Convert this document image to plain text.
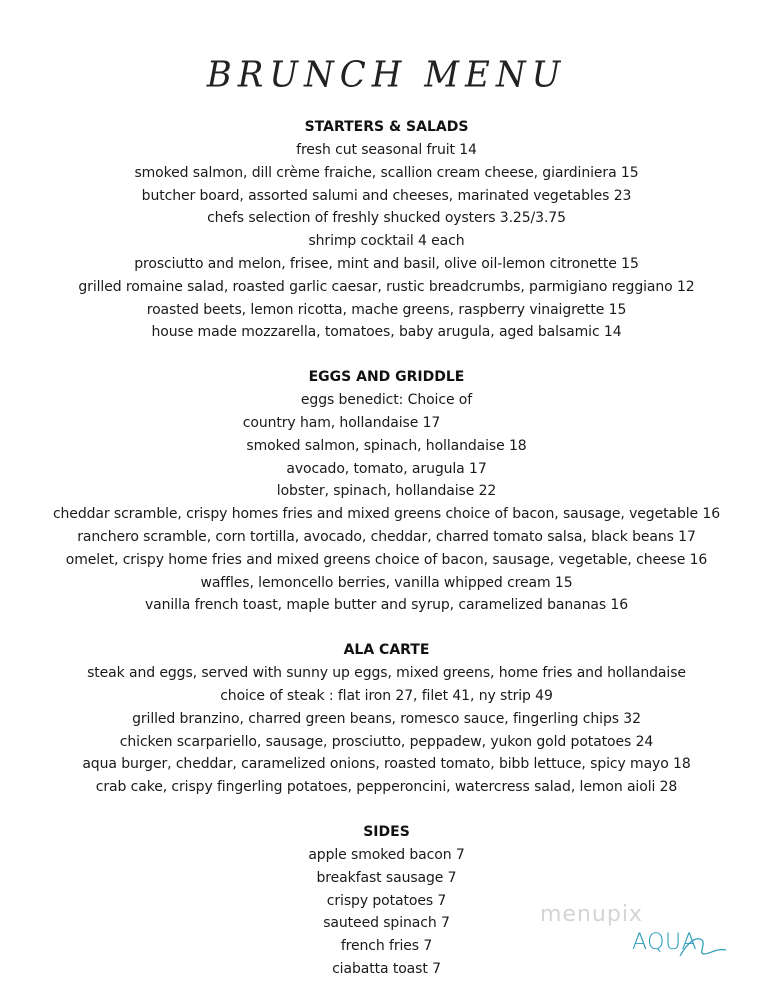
BRUNCH MENU
STARTERS & SALADS
fresh cut seasonal fruit 14
smoked salmon, dill crème fraiche, scallion cream cheese, giardiniera 15
butcher board, assorted salumi and cheeses, marinated vegetables 23
chefs selection of freshly shucked oysters 3.25/3.75
shrimp cocktail 4 each
prosciutto and melon, frisee, mint and basil, olive oil-lemon citronette 15
grilled romaine salad, roasted garlic caesar, rustic breadcrumbs, parmigiano reggiano 12
roasted beets, lemon ricotta, mache greens, raspberry vinaigrette 15
house made mozzarella, tomatoes, baby arugula, aged balsamic 14
EGGS AND GRIDDLE
eggs benedict: Choice of
country ham, hollandaise 17
smoked salmon, spinach, hollandaise 18
avocado, tomato, arugula 17
lobster, spinach, hollandaise 22
cheddar scramble, crispy homes fries and mixed greens choice of bacon, sausage, vegetable 16
ranchero scramble, corn tortilla, avocado, cheddar, charred tomato salsa, black beans 17
omelet, crispy home fries and mixed greens choice of bacon, sausage, vegetable, cheese 16
waffles, lemoncello berries, vanilla whipped cream 15
vanilla french toast, maple butter and syrup, caramelized bananas 16
ALA CARTE
steak and eggs, served with sunny up eggs, mixed greens, home fries and hollandaise
choice of steak : flat iron 27, filet 41, ny strip 49
grilled branzino, charred green beans, romesco sauce, fingerling chips 32
chicken scarpariello, sausage, prosciutto, peppadew, yukon gold potatoes 24
aqua burger, cheddar, caramelized onions, roasted tomato, bibb lettuce, spicy mayo 18
crab cake, crispy fingerling potatoes, pepperoncini, watercress salad, lemon aioli 28
SIDES
apple smoked bacon 7
breakfast sausage 7
crispy potatoes 7
sauteed spinach 7
french fries 7
ciabatta toast 7
menupix
AQUA
